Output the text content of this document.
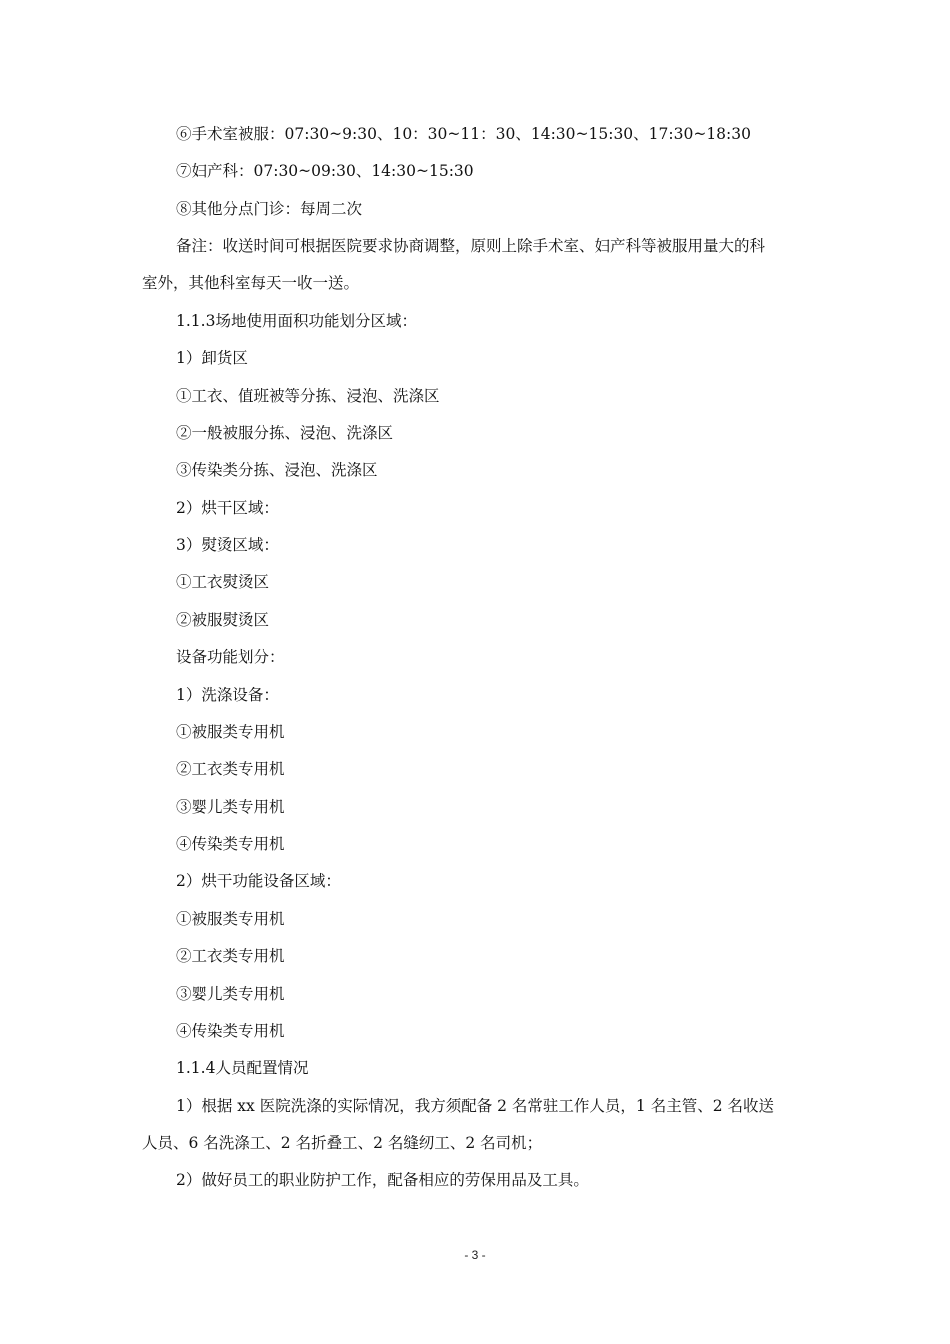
⑥手术室被服：07:30~9:30、10：30~11：30、14:30~15:30、17:30~18:30
⑦妇产科：07:30~09:30、14:30~15:30
⑧其他分点门诊：每周二次
备注：收送时间可根据医院要求协商调整，原则上除手术室、妇产科等被服用量大的科
室外，其他科室每天一收一送。
1.1.3场地使用面积功能划分区域：
1）卸货区
①工衣、值班被等分拣、浸泡、洗涤区
②一般被服分拣、浸泡、洗涤区
③传染类分拣、浸泡、洗涤区
2）烘干区域：
3）熨烫区域：
①工衣熨烫区
②被服熨烫区
设备功能划分：
1）洗涤设备：
①被服类专用机
②工衣类专用机
③婴儿类专用机
④传染类专用机
2）烘干功能设备区域：
①被服类专用机
②工衣类专用机
③婴儿类专用机
④传染类专用机
1.1.4人员配置情况
1）根据 xx 医院洗涤的实际情况，我方须配备 2 名常驻工作人员，1 名主管、2 名收送
人员、6 名洗涤工、2 名折叠工、2 名缝纫工、2 名司机；
2）做好员工的职业防护工作，配备相应的劳保用品及工具。
- 3 -
